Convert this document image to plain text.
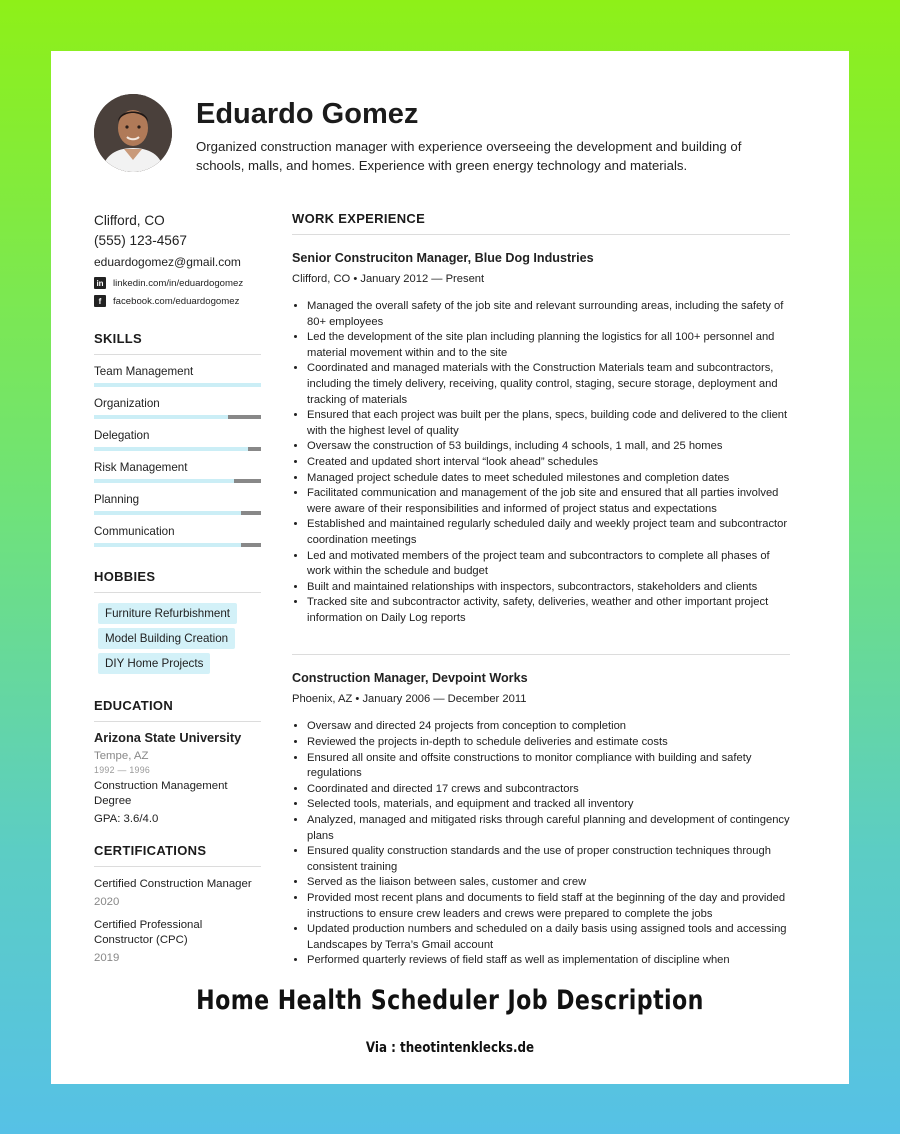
Eduardo Gomez
Organized construction manager with experience overseeing the development and building of schools, malls, and homes. Experience with green energy technology and materials.
Clifford, CO
(555) 123-4567
eduardogomez@gmail.com
in linkedin.com/in/eduardogomez
f	facebook.com/eduardogomez
SKILLS
Team Management
Organization
Delegation
Risk Management
Planning
Communication
HOBBIES
Furniture Refurbishment
Model Building Creation
DIY Home Projects

EDUCATION
Arizona State University
Tempe, AZ
1992 — 1996
Construction Management Degree
GPA: 3.6/4.0
CERTIFICATIONS
Certified Construction Manager
2020
Certified Professional Constructor (CPC)
2019
WORK EXPERIENCE
Senior Construciton Manager, Blue Dog Industries
Clifford, CO • January 2012 — Present
• Managed the overall safety of the job site and relevant surrounding areas, including the safety of 80+ employees
• Led the development of the site plan including planning the logistics for all 100+ personnel and material movement within and to the site
• Coordinated and managed materials with the Construction Materials team and subcontractors, including the timely delivery, receiving, quality control, staging, secure storage, deployment and tracking of materials
• Ensured that each project was built per the plans, specs, building code and delivered to the client with the highest level of quality
• Oversaw the construction of 53 buildings, including 4 schools, 1 mall, and 25 homes
• Created and updated short interval “look ahead” schedules
• Managed project schedule dates to meet scheduled milestones and completion dates
• Facilitated communication and management of the job site and ensured that all parties involved were aware of their responsibilities and informed of project status and expectations
• Established and maintained regularly scheduled daily and weekly project team and subcontractor coordination meetings
• Led and motivated members of the project team and subcontractors to complete all phases of work within the schedule and budget
• Built and maintained relationships with inspectors, subcontractors, stakeholders and clients
• Tracked site and subcontractor activity, safety, deliveries, weather and other important project information on Daily Log reports
Construction Manager, Devpoint Works
Phoenix, AZ • January 2006 — December 2011
• Oversaw and directed 24 projects from conception to completion
• Reviewed the projects in-depth to schedule deliveries and estimate costs
• Ensured all onsite and offsite constructions to monitor compliance with building and safety regulations
• Coordinated and directed 17 crews and subcontractors
• Selected tools, materials, and equipment and tracked all inventory
• Analyzed, managed and mitigated risks through careful planning and development of contingency plans
• Ensured quality construction standards and the use of proper construction techniques through consistent training
• Served as the liaison between sales, customer and crew
• Provided most recent plans and documents to field staff at the beginning of the day and provided instructions to ensure crew leaders and crews were prepared to complete the jobs
• Updated production numbers and scheduled on a daily basis using assigned tools and accessing Landscapes by Terra’s Gmail account
• Performed quarterly reviews of field staff as well as implementation of discipline when
Home Health Scheduler Job Description
Via : theotintenklecks.de
